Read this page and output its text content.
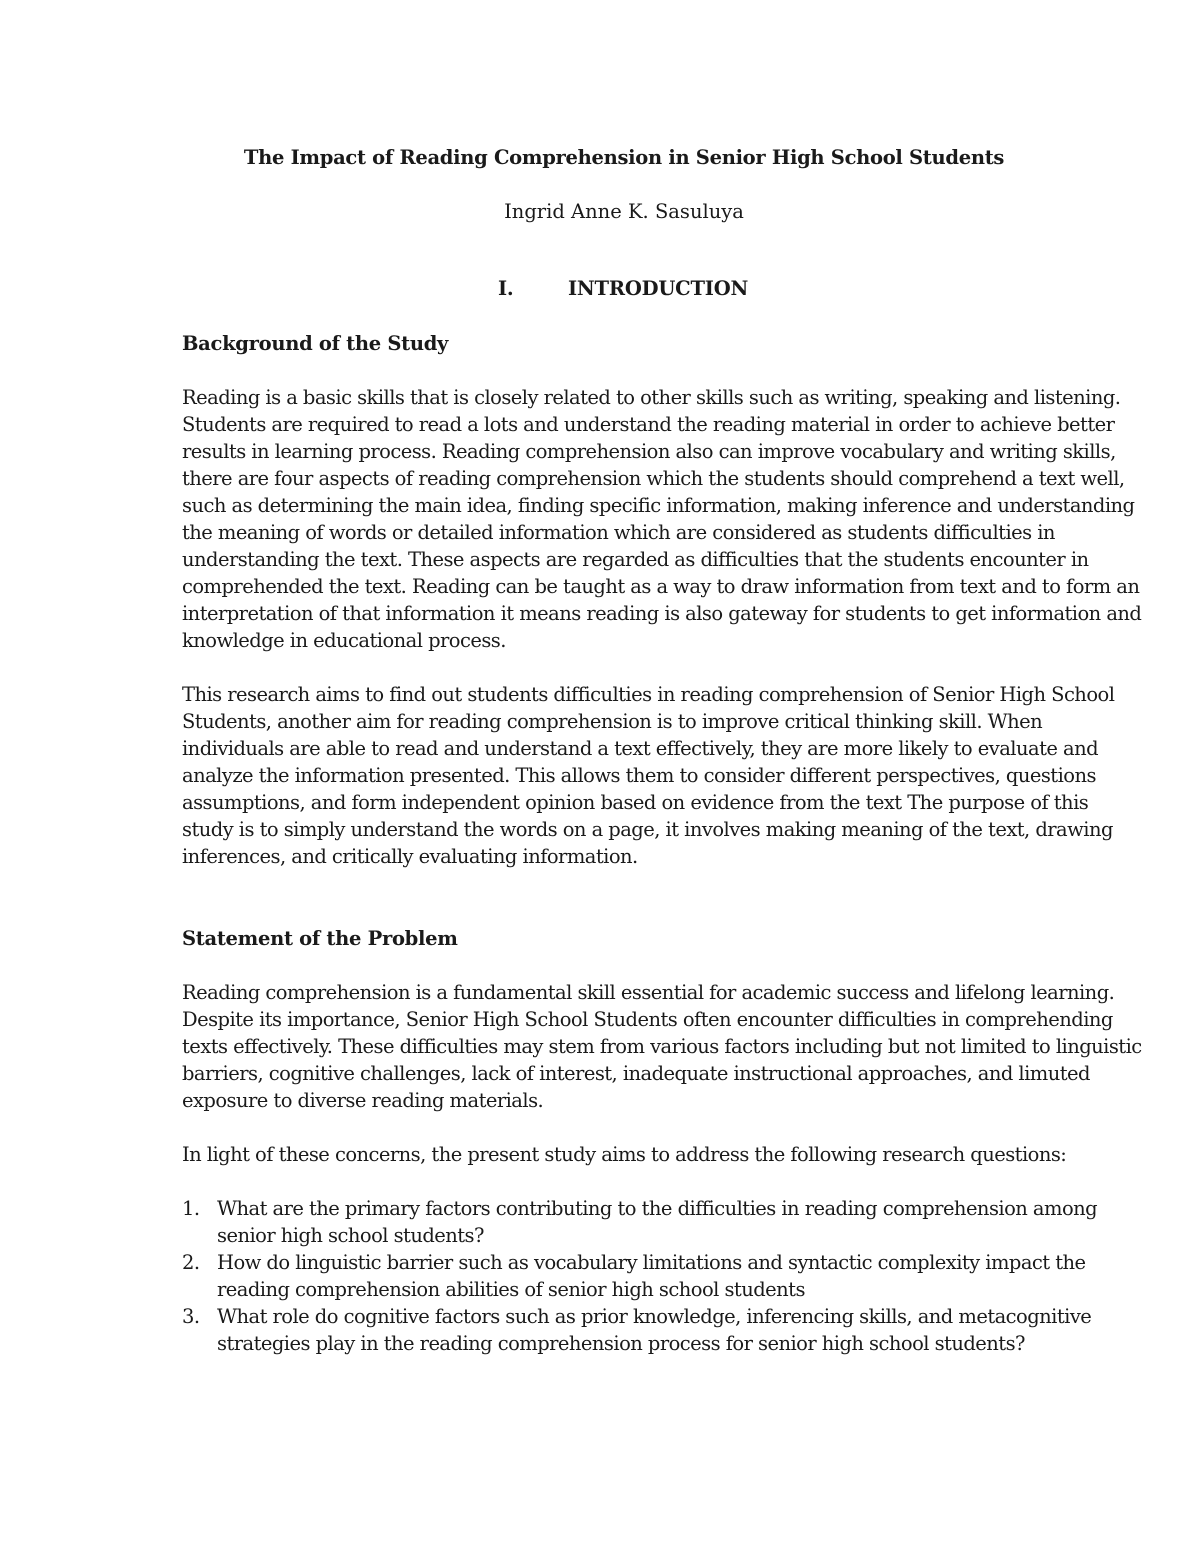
The Impact of Reading Comprehension in Senior High School Students
Ingrid Anne K. Sasuluya
I.	INTRODUCTION
Background of the Study

Reading is a basic skills that is closely related to other skills such as writing, speaking and listening. Students are required to read a lots and understand the reading material in order to achieve better results in learning process. Reading comprehension also can improve vocabulary and writing skills, there are four aspects of reading comprehension which the students should comprehend a text well, such as determining the main idea, finding specific information, making inference and understanding the meaning of words or detailed information which are considered as students difficulties in understanding the text. These aspects are regarded as difficulties that the students encounter in comprehended the text. Reading can be taught as a way to draw information from text and to form an interpretation of that information it means reading is also gateway for students to get information and knowledge in educational process.

This research aims to find out students difficulties in reading comprehension of Senior High School Students, another aim for reading comprehension is to improve critical thinking skill. When individuals are able to read and understand a text effectively, they are more likely to evaluate and analyze the information presented. This allows them to consider different perspectives, questions assumptions, and form independent opinion based on evidence from the text The purpose of this study is to simply understand the words on a page, it involves making meaning of the text, drawing inferences, and critically evaluating information.

Statement of the Problem

Reading comprehension is a fundamental skill essential for academic success and lifelong learning. Despite its importance, Senior High School Students often encounter difficulties in comprehending texts effectively. These difficulties may stem from various factors including but not limited to linguistic barriers, cognitive challenges, lack of interest, inadequate instructional approaches, and limuted exposure to diverse reading materials.

In light of these concerns, the present study aims to address the following research questions:

1. What are the primary factors contributing to the difficulties in reading comprehension among senior high school students?
2. How do linguistic barrier such as vocabulary limitations and syntactic complexity impact the reading comprehension abilities of senior high school students
3. What role do cognitive factors such as prior knowledge, inferencing skills, and metacognitive strategies play in the reading comprehension process for senior high school students?
